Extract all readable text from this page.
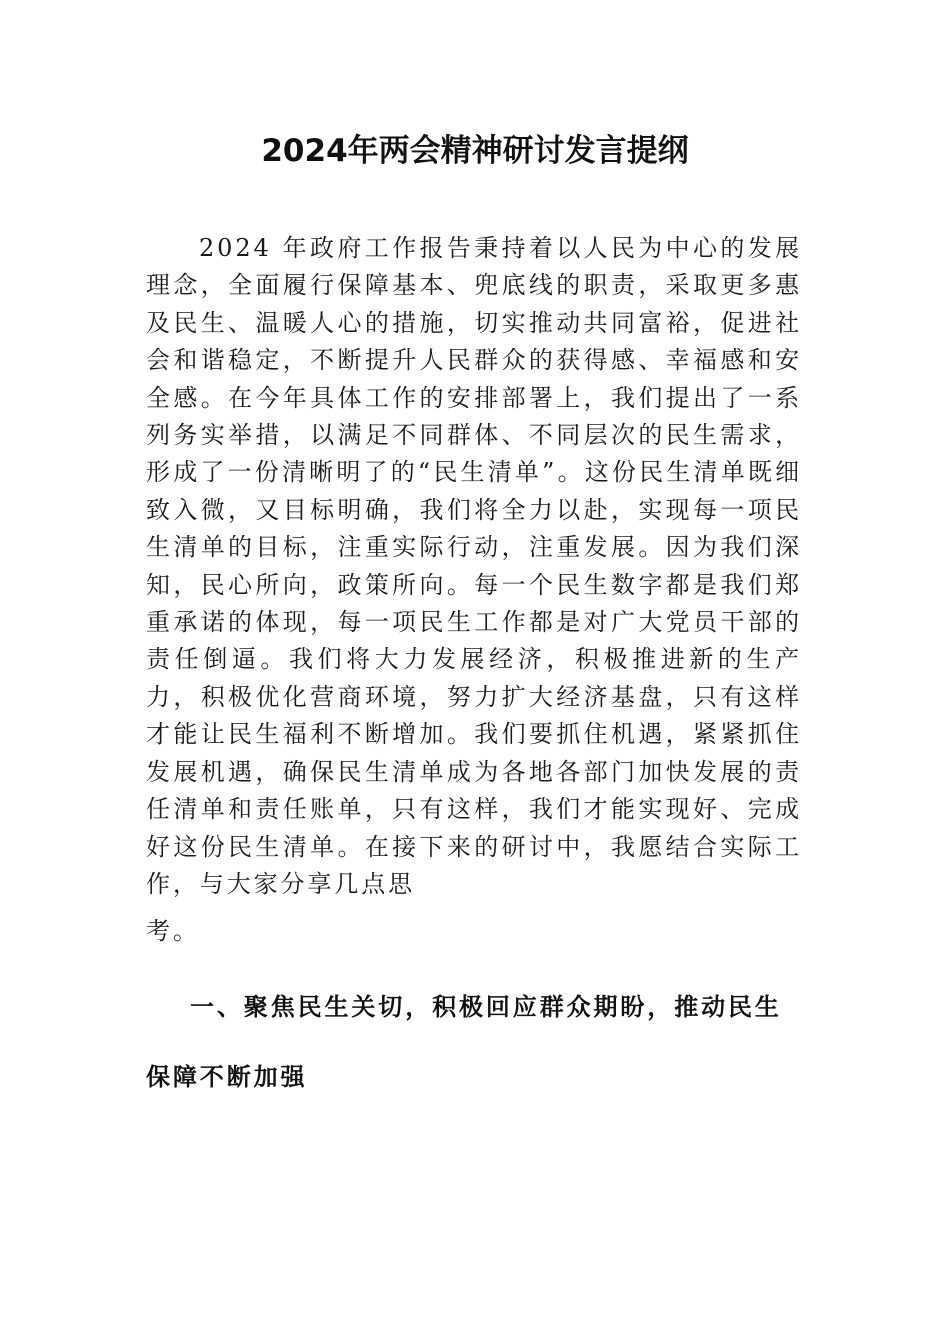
2024年两会精神研讨发言提纲

2024 年政府工作报告秉持着以人民为中心的发展理念，全面履行保障基本、兜底线的职责，采取更多惠及民生、温暖人心的措施，切实推动共同富裕，促进社会和谐稳定，不断提升人民群众的获得感、幸福感和安全感。在今年具体工作的安排部署上，我们提出了一系列务实举措，以满足不同群体、不同层次的民生需求，形成了一份清晰明了的“民生清单”。这份民生清单既细致入微，又目标明确，我们将全力以赴，实现每一项民生清单的目标，注重实际行动，注重发展。因为我们深知，民心所向，政策所向。每一个民生数字都是我们郑重承诺的体现，每一项民生工作都是对广大党员干部的责任倒逼。我们将大力发展经济，积极推进新的生产力，积极优化营商环境，努力扩大经济基盘，只有这样才能让民生福利不断增加。我们要抓住机遇，紧紧抓住发展机遇，确保民生清单成为各地各部门加快发展的责任清单和责任账单，只有这样，我们才能实现好、完成好这份民生清单。在接下来的研讨中，我愿结合实际工作，与大家分享几点思

考。

一、聚焦民生关切，积极回应群众期盼，推动民生保障不断加强
